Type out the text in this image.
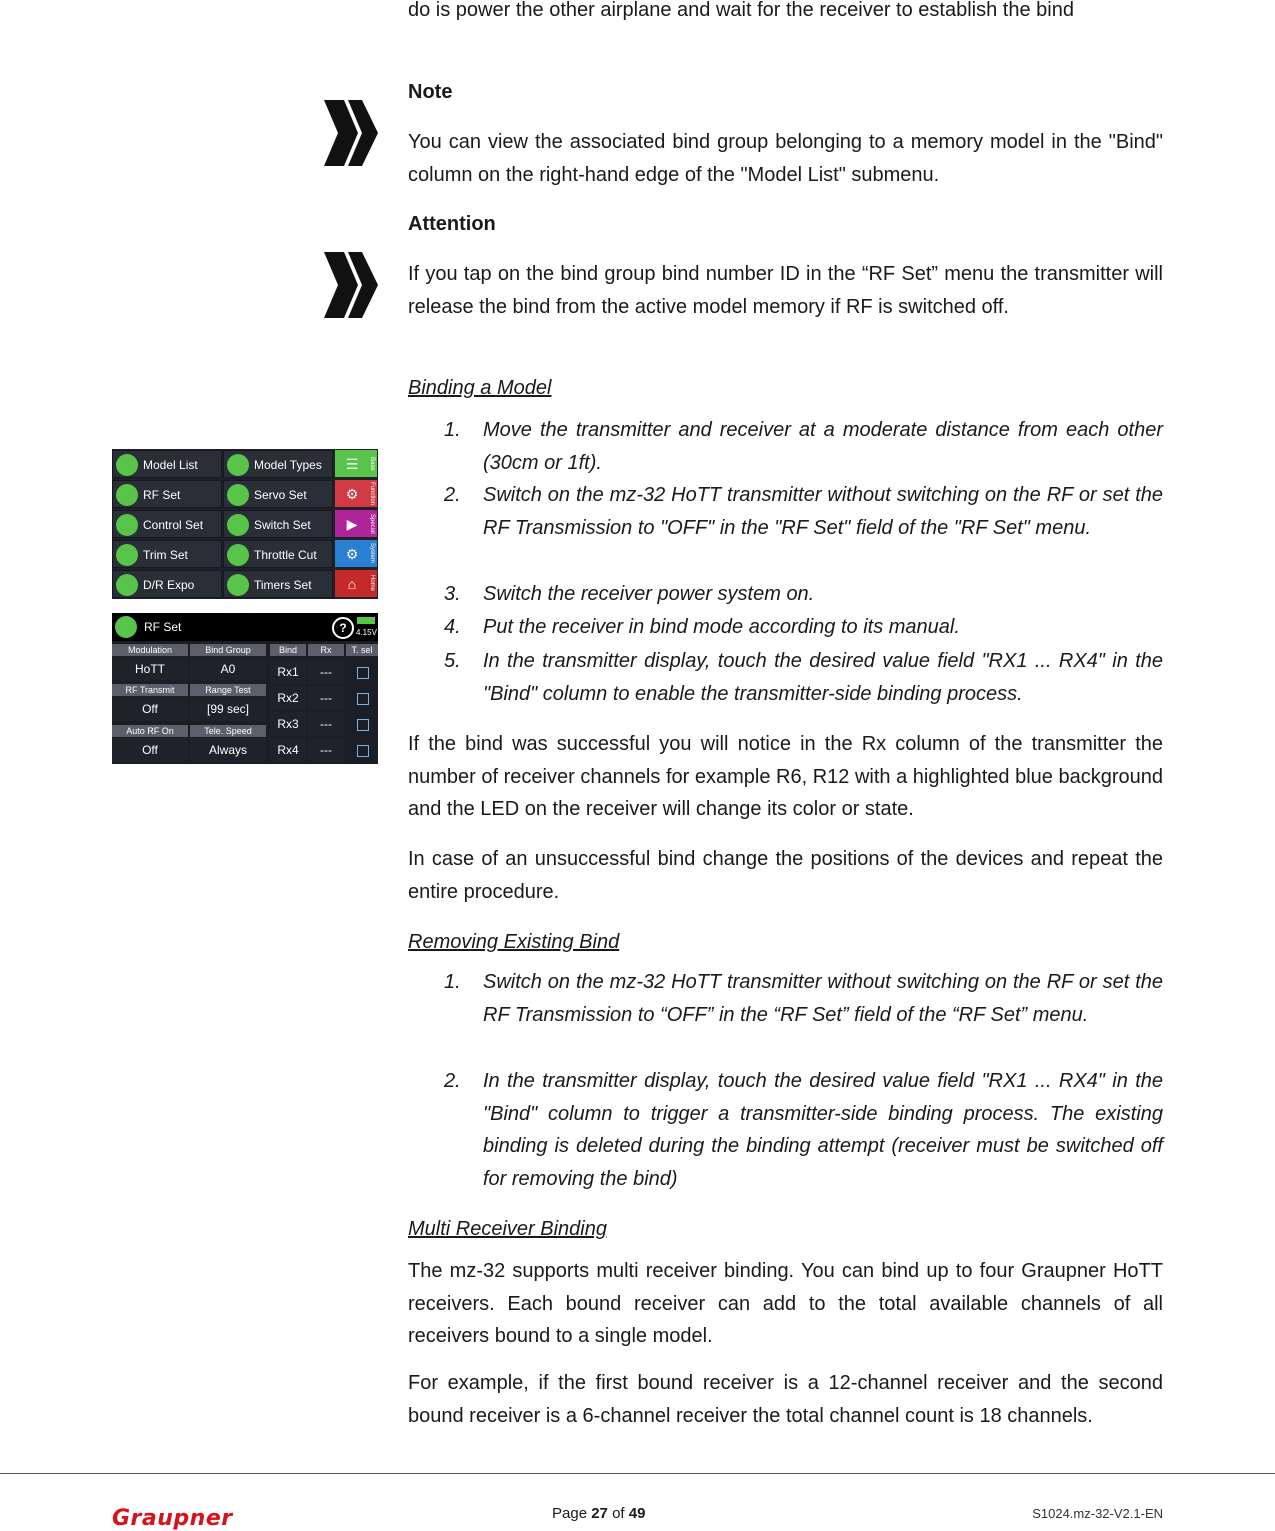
do is power the other airplane and wait for the receiver to establish the bind
Note
You can view the associated bind group belonging to a memory model in the "Bind" column on the right-hand edge of the "Model List" submenu.
Attention
If you tap on the bind group bind number ID in the “RF Set” menu the transmitter will release the bind from the active model memory if RF is switched off.
Binding a Model
1. Move the transmitter and receiver at a moderate distance from each other (30cm or 1ft).
2. Switch on the mz-32 HoTT transmitter without switching on the RF or set the RF Transmission to "OFF" in the "RF Set" field of the "RF Set" menu.
3. Switch the receiver power system on.
4. Put the receiver in bind mode according to its manual.
5. In the transmitter display, touch the desired value field "RX1 ... RX4" in the "Bind" column to enable the transmitter-side binding process.
If the bind was successful you will notice in the Rx column of the transmitter the number of receiver channels for example R6, R12 with a highlighted blue background and the LED on the receiver will change its color or state.
In case of an unsuccessful bind change the positions of the devices and repeat the entire procedure.
Removing Existing Bind
1. Switch on the mz-32 HoTT transmitter without switching on the RF or set the RF Transmission to “OFF” in the “RF Set” field of the “RF Set” menu.
2. In the transmitter display, touch the desired value field "RX1 ... RX4" in the "Bind" column to trigger a transmitter-side binding process. The existing binding is deleted during the binding attempt (receiver must be switched off for removing the bind)
Multi Receiver Binding
The mz-32 supports multi receiver binding. You can bind up to four Graupner HoTT receivers. Each bound receiver can add to the total available channels of all receivers bound to a single model.
For example, if the first bound receiver is a 12-channel receiver and the second bound receiver is a 6-channel receiver the total channel count is 18 channels.
Model List	Model Types
RF Set	Servo Set
Control Set	Switch Set
Trim Set	Throttle Cut
D/R Expo	Timers Set
☰	Base
⚙	Function
▶	Special
⚙	System
⌂	Home
RF Set	?	4.15V
Modulation	Bind Group
HoTT	A0
RF Transmit	Range Test
Off	[99 sec]
Auto RF On	Tele. Speed
Off	Always
Bind	Rx	T. sel
Rx1	---
Rx2	---
Rx3	---
Rx4	---
Graupner	Page 27 of 49	S1024.mz-32-V2.1-EN
